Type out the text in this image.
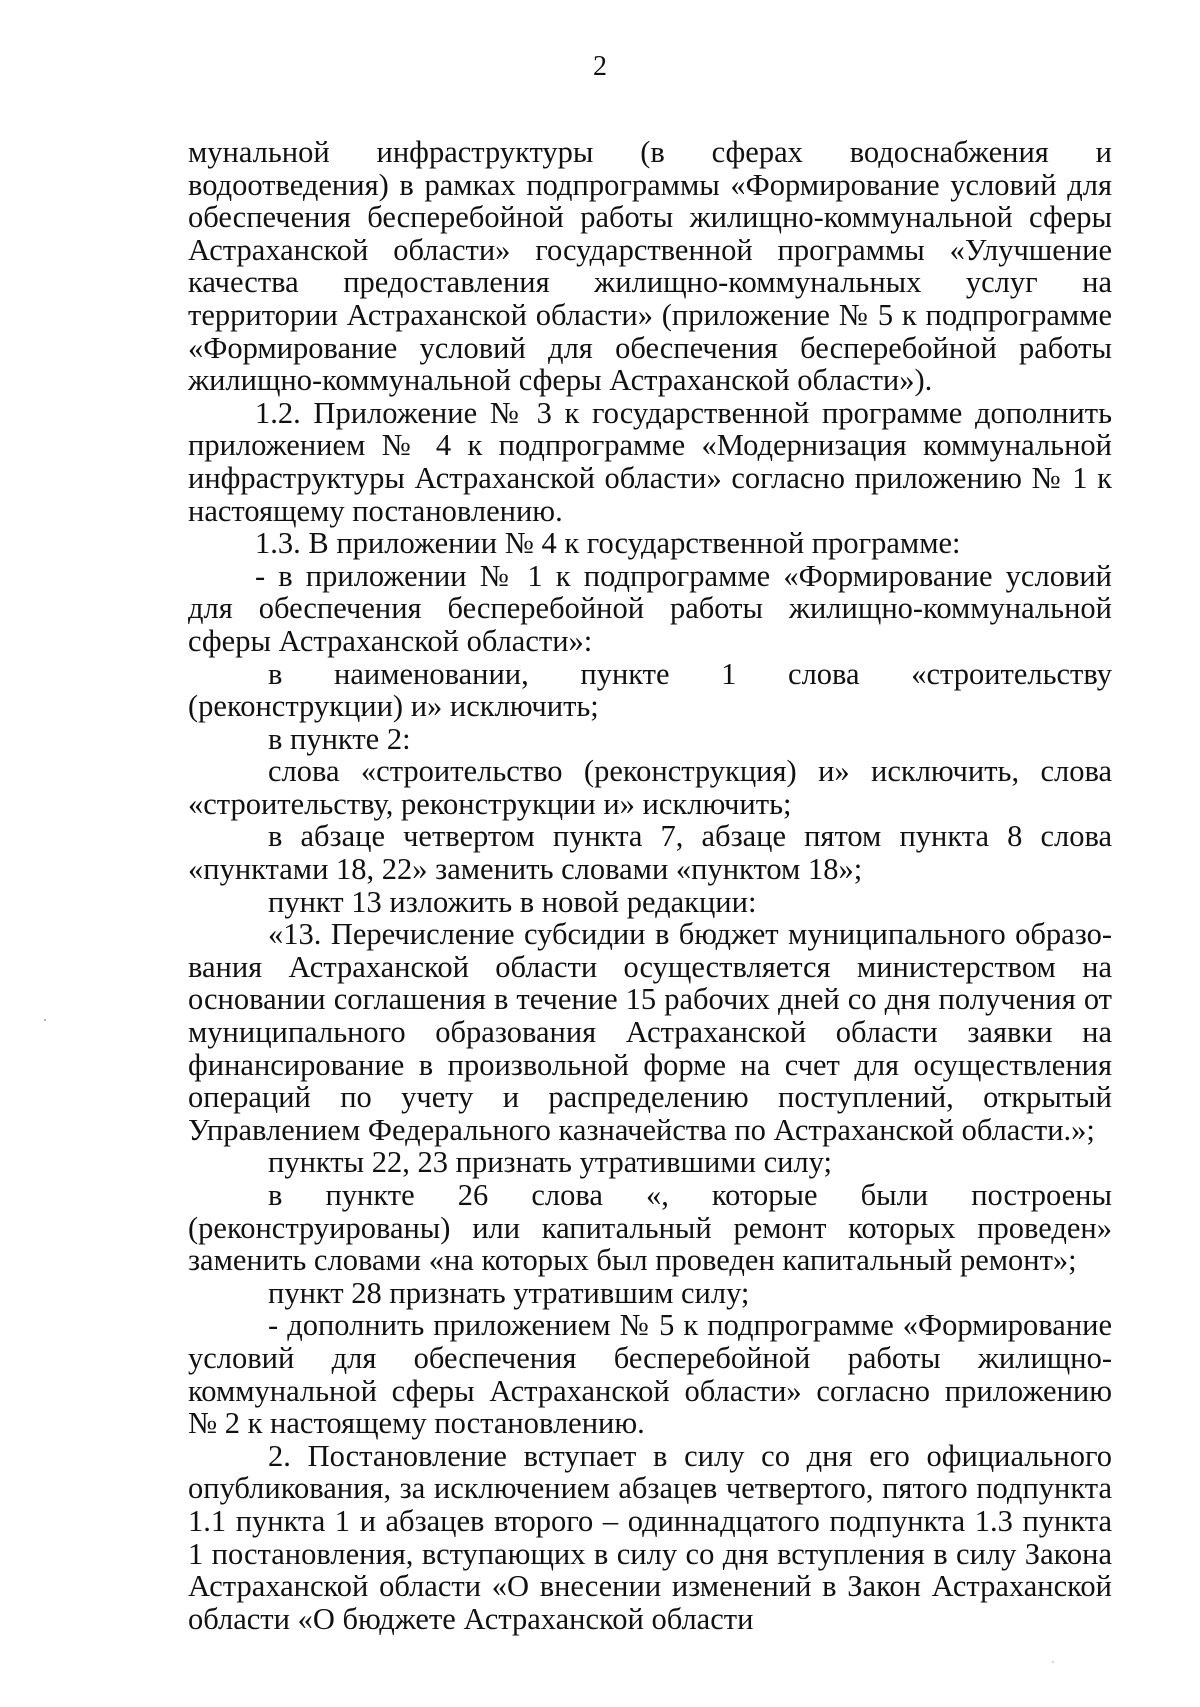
2

мунальной инфраструктуры (в сферах водоснабжения и водоотведения) в рамках подпрограммы «Формирование условий для обеспечения бесперебойной работы жилищно-коммунальной сферы Астраханской области» государственной программы «Улучшение качества предоставления жилищно-коммунальных услуг на территории Астраханской области» (приложение № 5 к подпрограмме «Формирование условий для обеспечения бесперебойной работы жилищно-коммунальной сферы Астраханской области»).

1.2. Приложение № 3 к государственной программе дополнить приложением № 4 к подпрограмме «Модернизация коммунальной инфраструктуры Астраханской области» согласно приложению № 1 к настоящему постановлению.

1.3. В приложении № 4 к государственной программе:

- в приложении № 1 к подпрограмме «Формирование условий для обеспечения бесперебойной работы жилищно-коммунальной сферы Астраханской области»:

в наименовании, пункте 1 слова «строительству (реконструкции) и» исключить;

в пункте 2:

слова «строительство (реконструкция) и» исключить, слова «строительству, реконструкции и» исключить;

в абзаце четвертом пункта 7, абзаце пятом пункта 8 слова «пунктами 18, 22» заменить словами «пунктом 18»;

пункт 13 изложить в новой редакции:

«13. Перечисление субсидии в бюджет муниципального образования Астраханской области осуществляется министерством на основании соглашения в течение 15 рабочих дней со дня получения от муниципального образования Астраханской области заявки на финансирование в произвольной форме на счет для осуществления операций по учету и распределению поступлений, открытый Управлением Федерального казначейства по Астраханской области.»;

пункты 22, 23 признать утратившими силу;

в пункте 26 слова «, которые были построены (реконструированы) или капитальный ремонт которых проведен» заменить словами «на которых был проведен капитальный ремонт»;

пункт 28 признать утратившим силу;

- дополнить приложением № 5 к подпрограмме «Формирование условий для обеспечения бесперебойной работы жилищно-коммунальной сферы Астраханской области» согласно приложению № 2 к настоящему постановлению.

2. Постановление вступает в силу со дня его официального опубликования, за исключением абзацев четвертого, пятого подпункта 1.1 пункта 1 и абзацев второго – одиннадцатого подпункта 1.3 пункта 1 постановления, вступающих в силу со дня вступления в силу Закона Астраханской области «О внесении изменений в Закон Астраханской области «О бюджете Астраханской области
